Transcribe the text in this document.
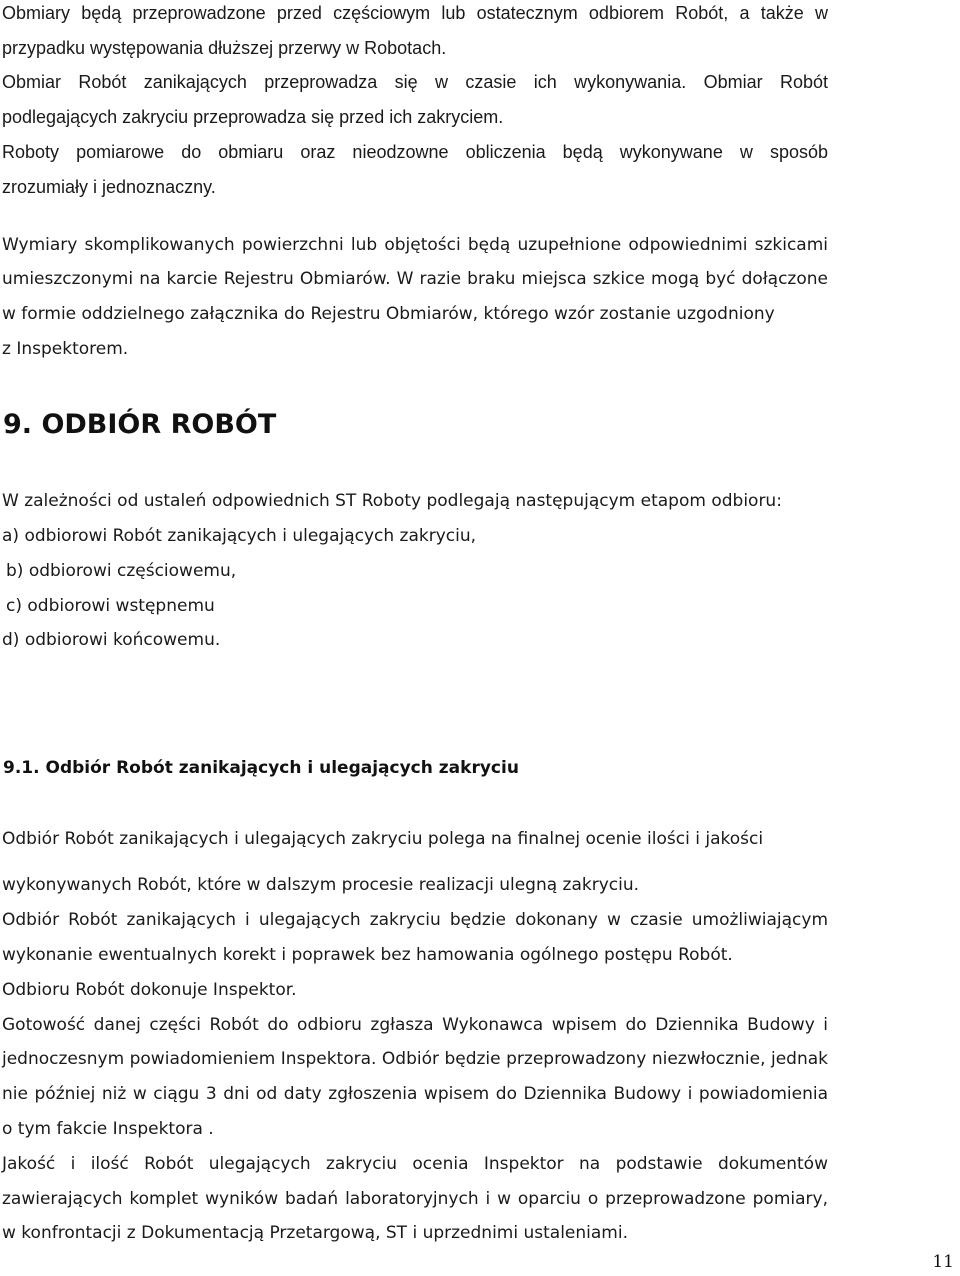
Obmiary będą przeprowadzone przed częściowym lub ostatecznym odbiorem Robót, a także w

przypadku występowania dłuższej przerwy w Robotach.

Obmiar Robót zanikających przeprowadza się w czasie ich wykonywania. Obmiar Robót

podlegających zakryciu przeprowadza się przed ich zakryciem.

Roboty pomiarowe do obmiaru oraz nieodzowne obliczenia będą wykonywane w sposób

zrozumiały i jednoznaczny.

Wymiary skomplikowanych powierzchni lub objętości będą uzupełnione odpowiednimi szkicami

umieszczonymi na karcie Rejestru Obmiarów. W razie braku miejsca szkice mogą być dołączone

w formie oddzielnego załącznika do Rejestru Obmiarów, którego wzór zostanie uzgodniony

z Inspektorem.

9. ODBIÓR ROBÓT

W zależności od ustaleń odpowiednich ST Roboty podlegają następującym etapom odbioru:

a) odbiorowi Robót zanikających i ulegających zakryciu,

b) odbiorowi częściowemu,

c) odbiorowi wstępnemu

d) odbiorowi końcowemu.

9.1. Odbiór Robót zanikających i ulegających zakryciu

Odbiór Robót zanikających i ulegających zakryciu polega na finalnej ocenie ilości i jakości

wykonywanych Robót, które w dalszym procesie realizacji ulegną zakryciu.

Odbiór Robót zanikających i ulegających zakryciu będzie dokonany w czasie umożliwiającym

wykonanie ewentualnych korekt i poprawek bez hamowania ogólnego postępu Robót.

Odbioru Robót dokonuje Inspektor.

Gotowość danej części Robót do odbioru zgłasza Wykonawca wpisem do Dziennika Budowy i

jednoczesnym powiadomieniem Inspektora. Odbiór będzie przeprowadzony niezwłocznie, jednak

nie później niż w ciągu 3 dni od daty zgłoszenia wpisem do Dziennika Budowy i powiadomienia

o tym fakcie Inspektora .

Jakość i ilość Robót ulegających zakryciu ocenia Inspektor na podstawie dokumentów

zawierających komplet wyników badań laboratoryjnych i w oparciu o przeprowadzone pomiary,

w konfrontacji z Dokumentacją Przetargową, ST i uprzednimi ustaleniami.

11
